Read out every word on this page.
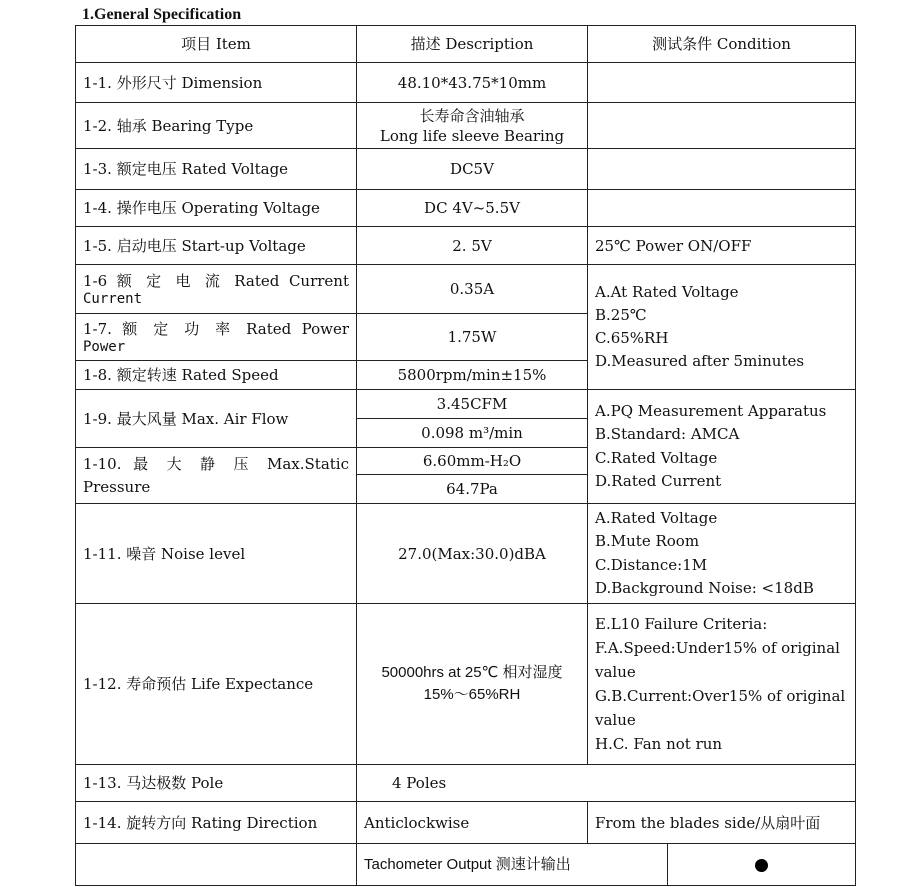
1.General Specification
项目 Item	描述 Description	测试条件 Condition	
1-1. 外形尺寸 Dimension	48.10*43.75*10mm		
1-2. 轴承 Bearing Type	长寿命含油轴承
Long life sleeve Bearing		

1-3. 额定电压 Rated Voltage	DC5V		
1-4. 操作电压 Operating Voltage	DC 4V~5.5V		
1-5. 启动电压 Start-up Voltage	2. 5V	25℃ Power ON/OFF	

1-6 额 定 电 流 Rated Current
Current	0.35A	A.At Rated Voltage
B.25℃
C.65%RH
D.Measured after 5minutes	

1-7. 额 定 功 率 Rated Power
Power	1.75W		
1-8. 额定转速 Rated Speed	5800rpm/min±15%		
1-9. 最大风量 Max. Air Flow	3.45CFM	A.PQ Measurement Apparatus
B.Standard: AMCA
C.Rated Voltage
D.Rated Current	

	0.098 m³/min		

1-10. 最 大 静 压 Max.Static
Pressure	6.60mm-H₂O		
	64.7Pa		
1-11. 噪音 Noise level	27.0(Max:30.0)dBA	A.Rated Voltage
B.Mute Room
C.Distance:1M
D.Background Noise: <18dB	

1-12. 寿命预估 Life Expectance	50000hrs at 25℃ 相对湿度
15%～65%RH	E.L10 Failure Criteria:
F.A.Speed:Under15% of original value
G.B.Current:Over15% of original value
H.C. Fan not run	

1-13. 马达极数 Pole	4 Poles		
1-14. 旋转方向 Rating Direction	Anticlockwise	From the blades side/从扇叶面	
	Tachometer Output 测速计输出		
